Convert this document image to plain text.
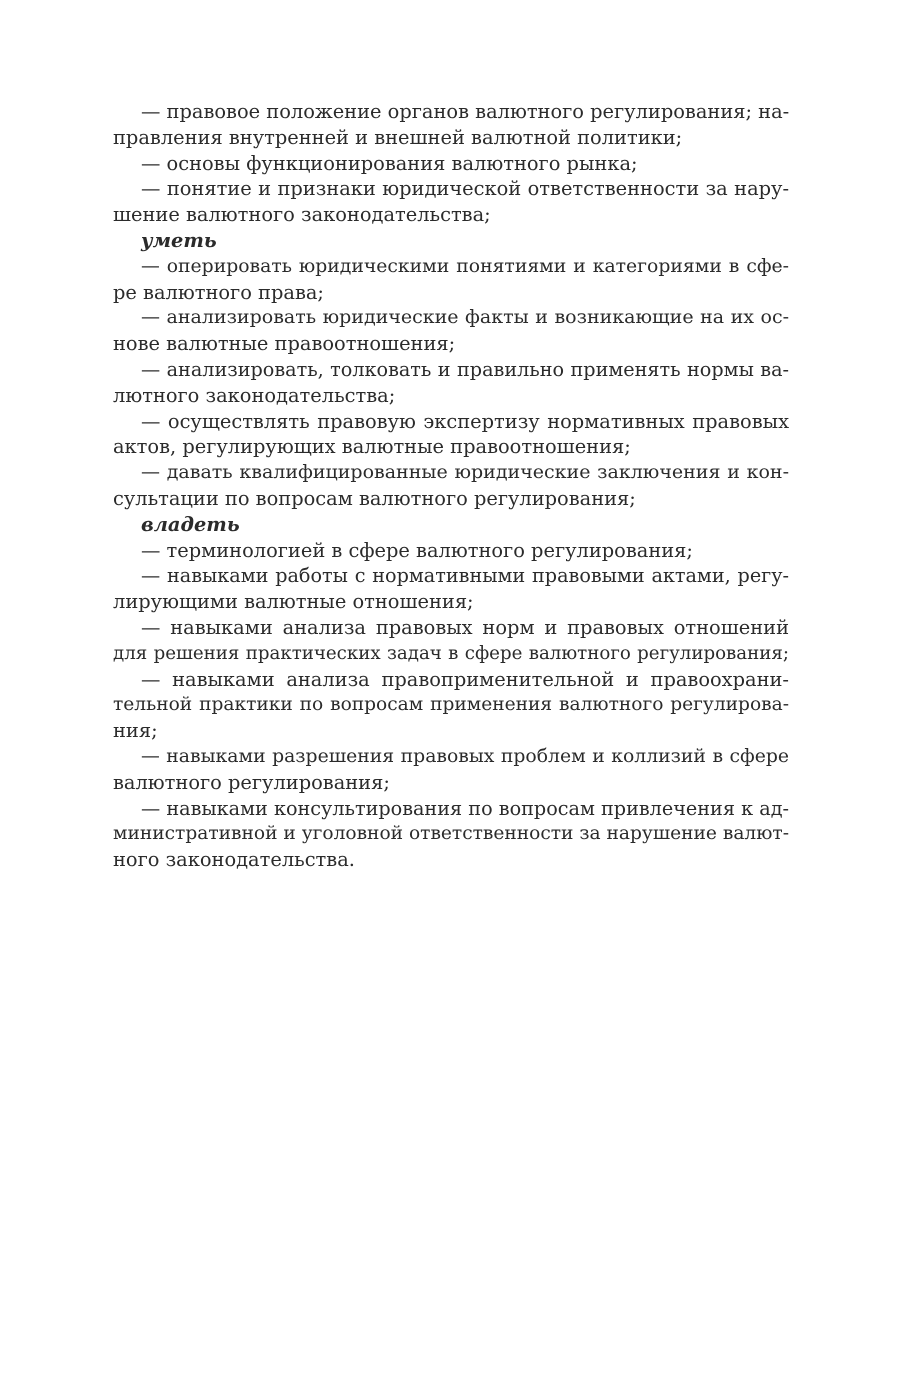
— правовое положение органов валютного регулирования; на-
правления внутренней и внешней валютной политики;
— основы функционирования валютного рынка;
— понятие и признаки юридической ответственности за нару-
шение валютного законодательства;
уметь
— оперировать юридическими понятиями и категориями в сфе-
ре валютного права;
— анализировать юридические факты и возникающие на их ос-
нове валютные правоотношения;
— анализировать, толковать и правильно применять нормы ва-
лютного законодательства;
— осуществлять правовую экспертизу нормативных правовых
актов, регулирующих валютные правоотношения;
— давать квалифицированные юридические заключения и кон-
сультации по вопросам валютного регулирования;
владеть
— терминологией в сфере валютного регулирования;
— навыками работы с нормативными правовыми актами, регу-
лирующими валютные отношения;
— навыками анализа правовых норм и правовых отношений
для решения практических задач в сфере валютного регулирования;
— навыками анализа правоприменительной и правоохрани-
тельной практики по вопросам применения валютного регулирова-
ния;
— навыками разрешения правовых проблем и коллизий в сфере
валютного регулирования;
— навыками консультирования по вопросам привлечения к ад-
министративной и уголовной ответственности за нарушение валют-
ного законодательства.
